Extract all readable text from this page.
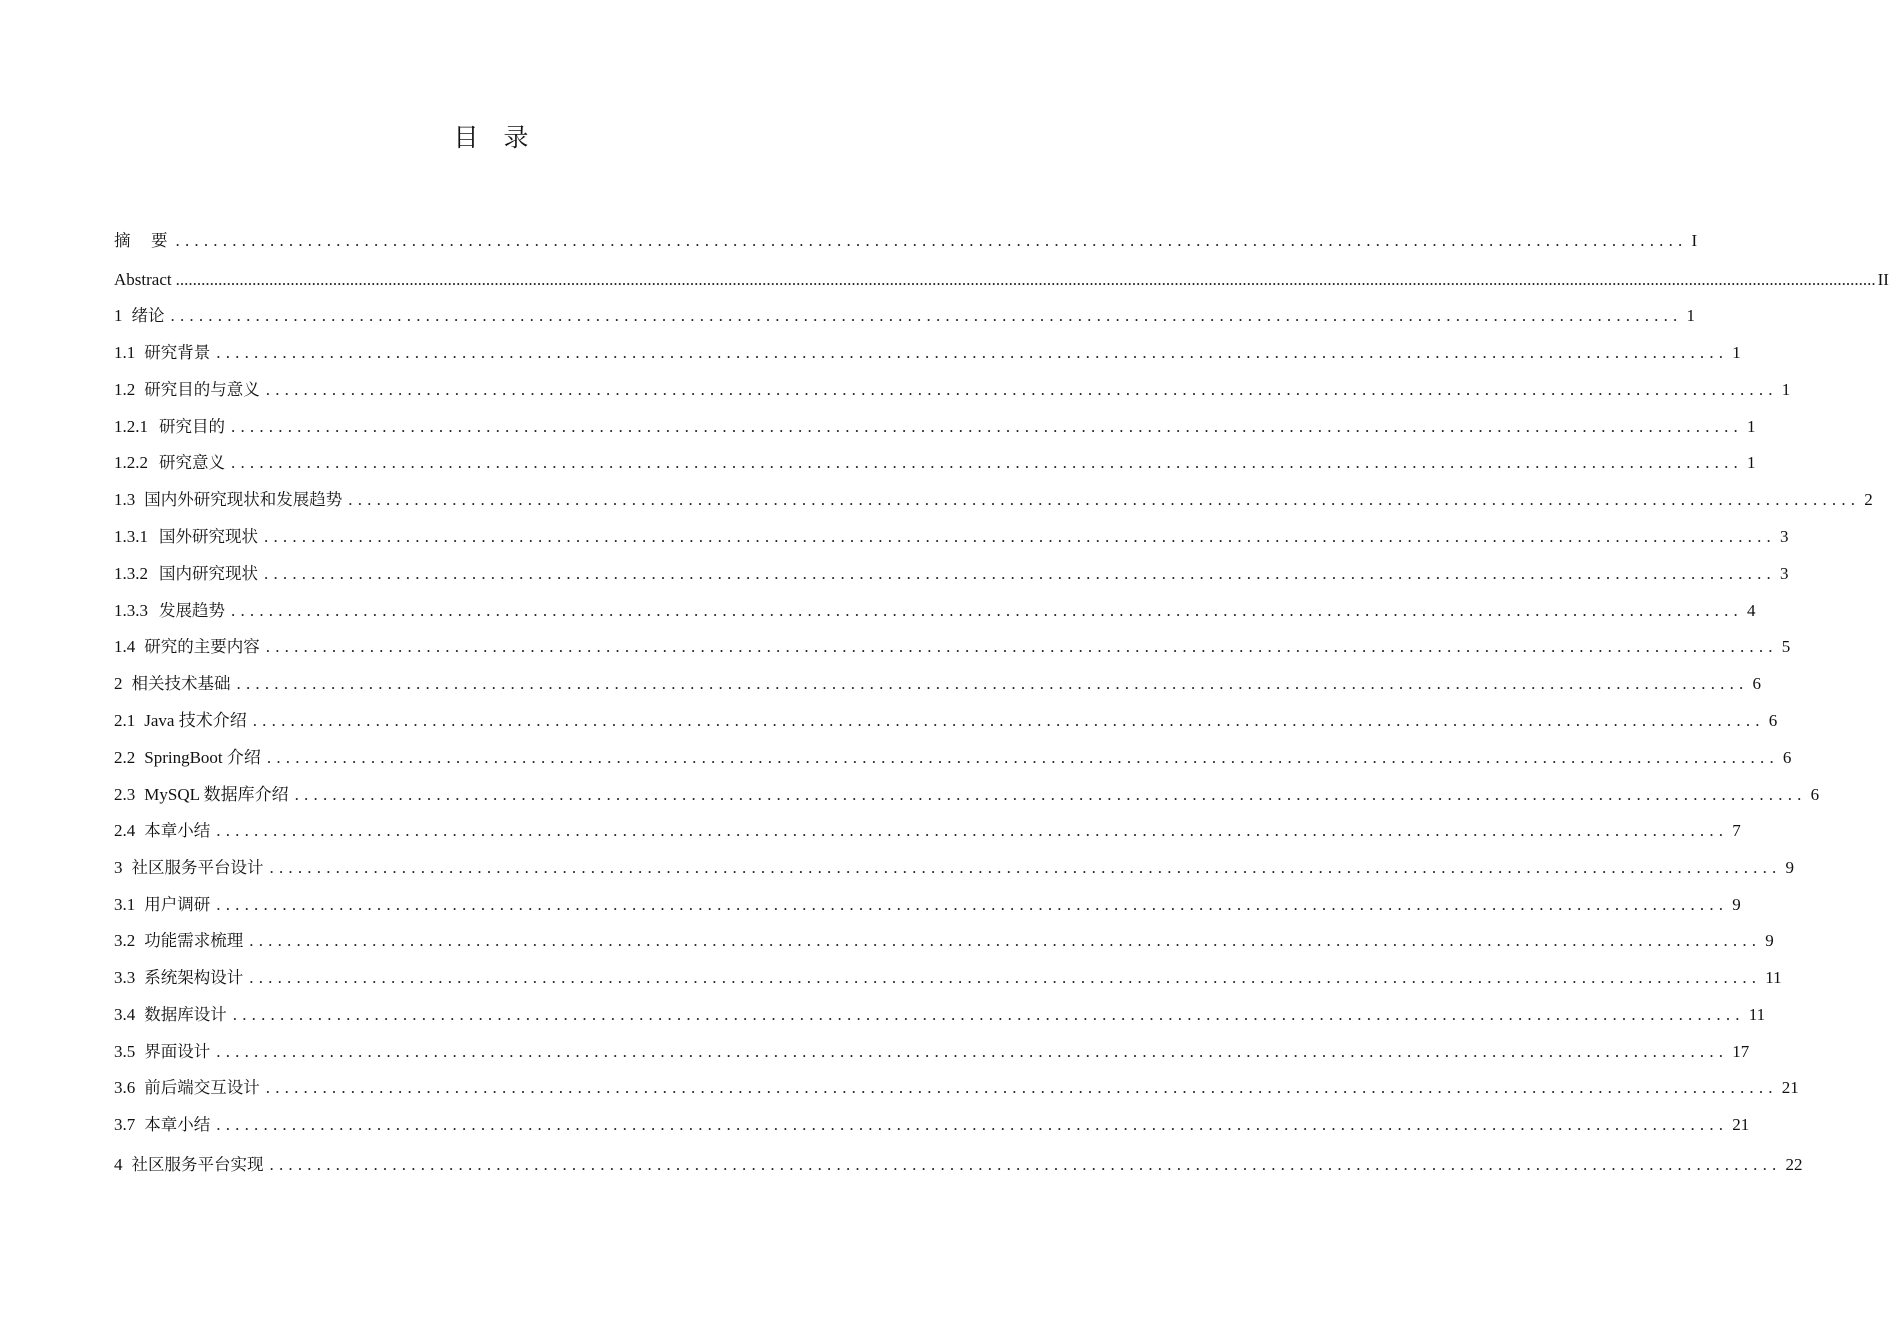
目　录
摘　要 ................................................................................................................................................................ I
Abstract ................................................................................................................................................................................................................................................................................................................................................................................................................ II
1 绪论 ................................................................................................................................................................ 1
1.1 研究背景 ................................................................................................................................................................ 1
1.2 研究目的与意义 ................................................................................................................................................................ 1
1.2.1 研究目的 ................................................................................................................................................................ 1
1.2.2 研究意义 ................................................................................................................................................................ 1
1.3 国内外研究现状和发展趋势 ................................................................................................................................................................ 2
1.3.1 国外研究现状 ................................................................................................................................................................ 3
1.3.2 国内研究现状 ................................................................................................................................................................ 3
1.3.3 发展趋势 ................................................................................................................................................................ 4
1.4 研究的主要内容 ................................................................................................................................................................ 5
2 相关技术基础 ................................................................................................................................................................ 6
2.1 Java 技术介绍 ................................................................................................................................................................ 6
2.2 SpringBoot 介绍 ................................................................................................................................................................ 6
2.3 MySQL 数据库介绍 ................................................................................................................................................................ 6
2.4 本章小结 ................................................................................................................................................................ 7
3 社区服务平台设计 ................................................................................................................................................................ 9
3.1 用户调研 ................................................................................................................................................................ 9
3.2 功能需求梳理 ................................................................................................................................................................ 9
3.3 系统架构设计 ................................................................................................................................................................ 11
3.4 数据库设计 ................................................................................................................................................................ 11
3.5 界面设计 ................................................................................................................................................................ 17
3.6 前后端交互设计 ................................................................................................................................................................ 21
3.7 本章小结 ................................................................................................................................................................ 21
4 社区服务平台实现 ................................................................................................................................................................ 22
